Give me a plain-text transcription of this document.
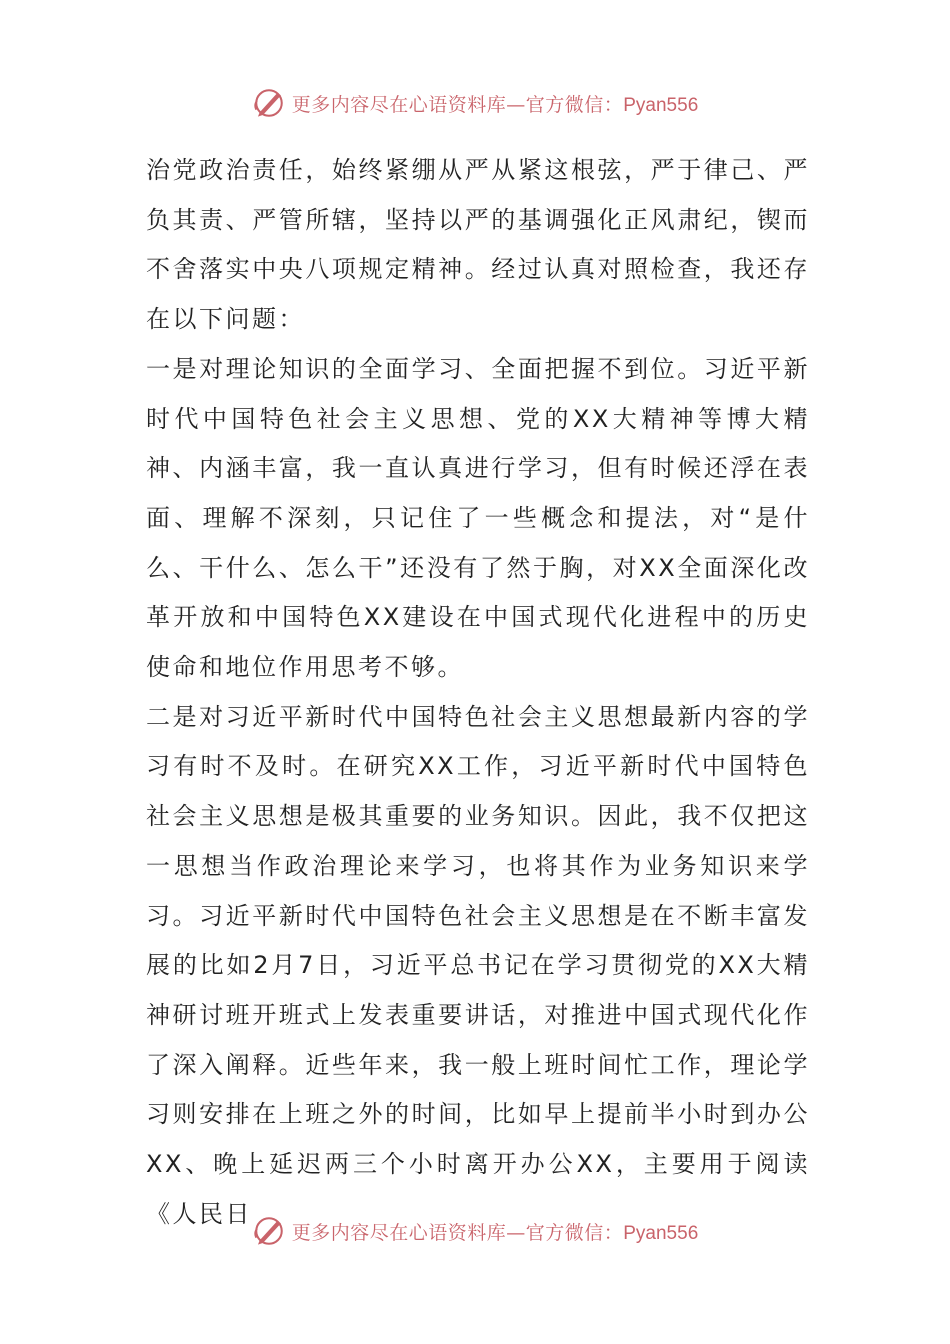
更多内容尽在心语资料库—官方微信：Pyan556

治党政治责任，始终紧绷从严从紧这根弦，严于律己、严负其责、严管所辖，坚持以严的基调强化正风肃纪，锲而不舍落实中央八项规定精神。经过认真对照检查，我还存在以下问题：

一是对理论知识的全面学习、全面把握不到位。习近平新时代中国特色社会主义思想、党的XX大精神等博大精神、内涵丰富，我一直认真进行学习，但有时候还浮在表面、理解不深刻，只记住了一些概念和提法，对“是什么、干什么、怎么干”还没有了然于胸，对XX全面深化改革开放和中国特色XX建设在中国式现代化进程中的历史使命和地位作用思考不够。

二是对习近平新时代中国特色社会主义思想最新内容的学习有时不及时。在研究XX工作，习近平新时代中国特色社会主义思想是极其重要的业务知识。因此，我不仅把这一思想当作政治理论来学习，也将其作为业务知识来学习。习近平新时代中国特色社会主义思想是在不断丰富发展的比如2月7日，习近平总书记在学习贯彻党的XX大精神研讨班开班式上发表重要讲话，对推进中国式现代化作了深入阐释。近些年来，我一般上班时间忙工作，理论学习则安排在上班之外的时间，比如早上提前半小时到办公XX、晚上延迟两三个小时离开办公XX，主要用于阅读《人民日

更多内容尽在心语资料库—官方微信：Pyan556
